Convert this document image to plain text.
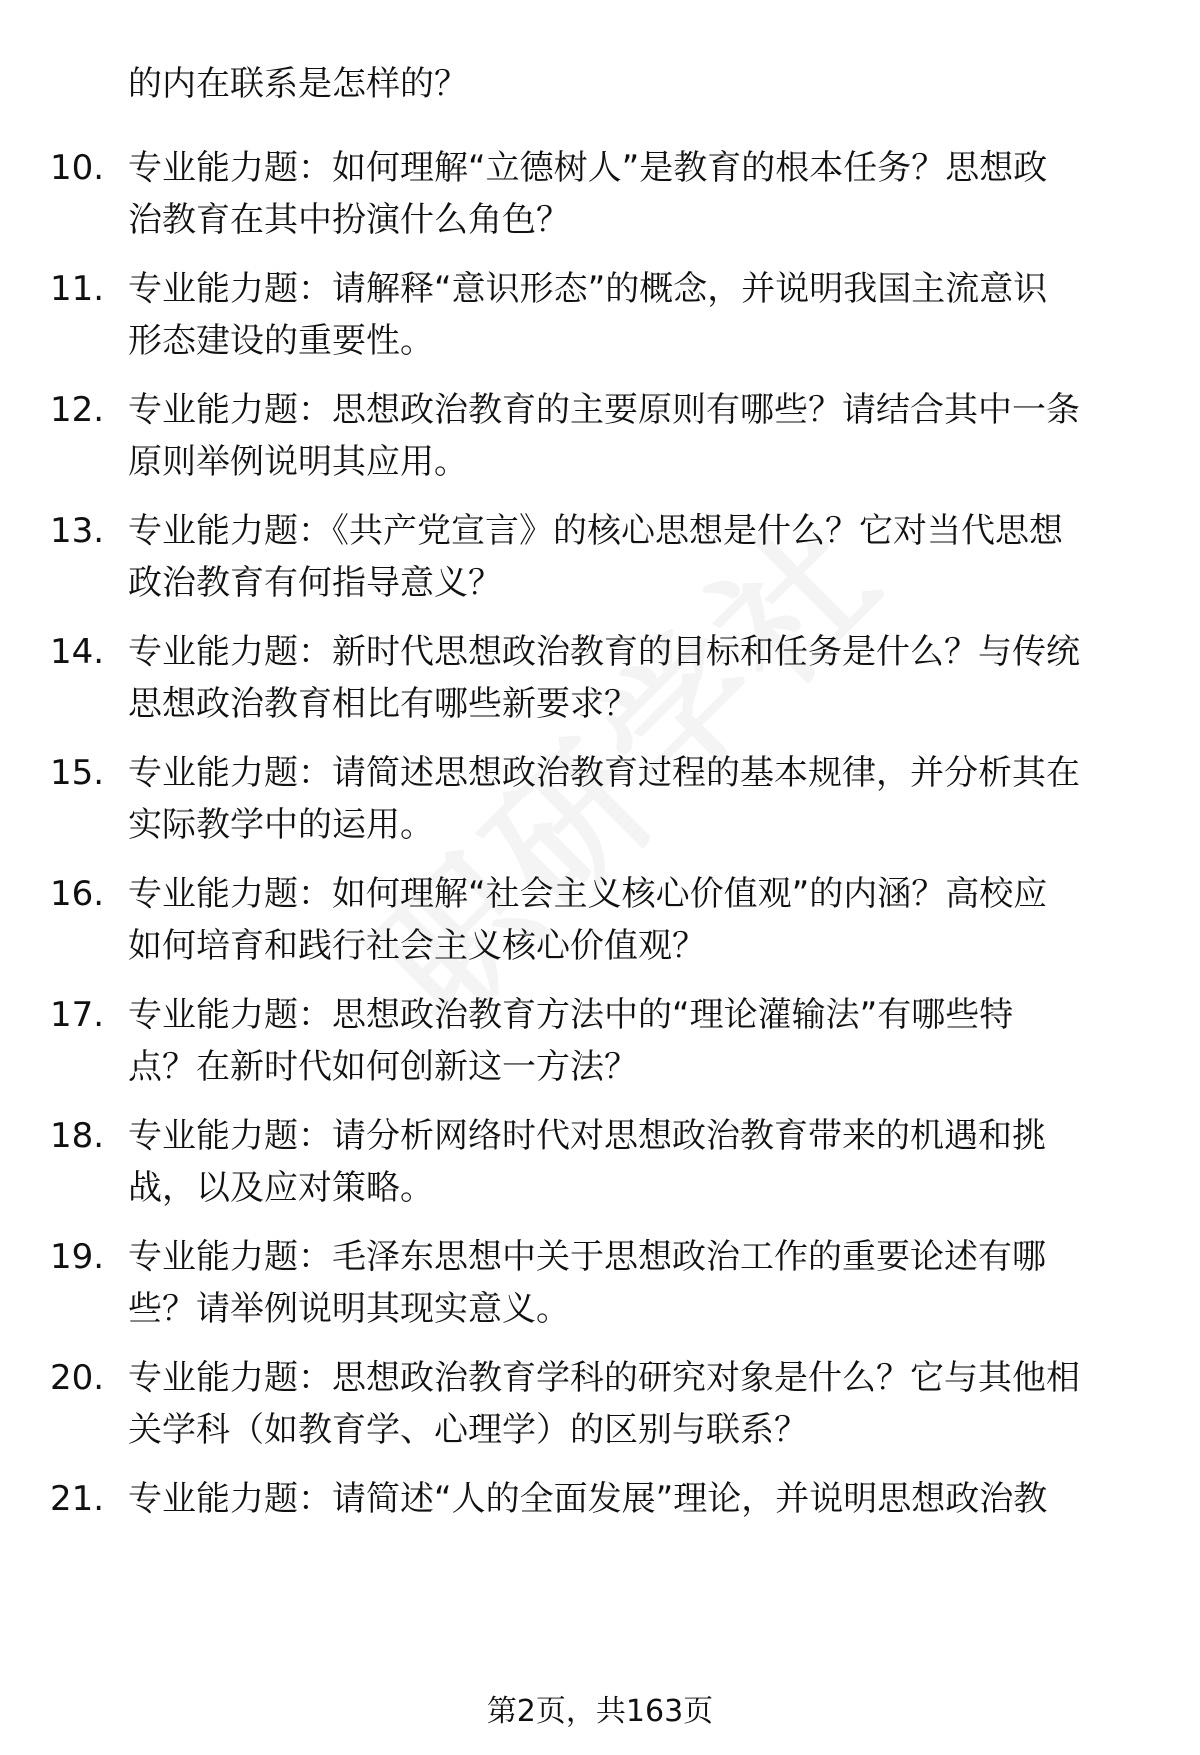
的内在联系是怎样的？
10. 专业能力题：如何理解“立德树人”是教育的根本任务？思想政
治教育在其中扮演什么角色？
11. 专业能力题：请解释“意识形态”的概念，并说明我国主流意识
形态建设的重要性。
12. 专业能力题：思想政治教育的主要原则有哪些？请结合其中一条
原则举例说明其应用。
13. 专业能力题：《共产党宣言》的核心思想是什么？它对当代思想
政治教育有何指导意义？
14. 专业能力题：新时代思想政治教育的目标和任务是什么？与传统
思想政治教育相比有哪些新要求？
15. 专业能力题：请简述思想政治教育过程的基本规律，并分析其在
实际教学中的运用。
16. 专业能力题：如何理解“社会主义核心价值观”的内涵？高校应
如何培育和践行社会主义核心价值观？
17. 专业能力题：思想政治教育方法中的“理论灌输法”有哪些特
点？在新时代如何创新这一方法？
18. 专业能力题：请分析网络时代对思想政治教育带来的机遇和挑
战，以及应对策略。
19. 专业能力题：毛泽东思想中关于思想政治工作的重要论述有哪
些？请举例说明其现实意义。
20. 专业能力题：思想政治教育学科的研究对象是什么？它与其他相
关学科（如教育学、心理学）的区别与联系？
21. 专业能力题：请简述“人的全面发展”理论，并说明思想政治教
第2页，共163页
